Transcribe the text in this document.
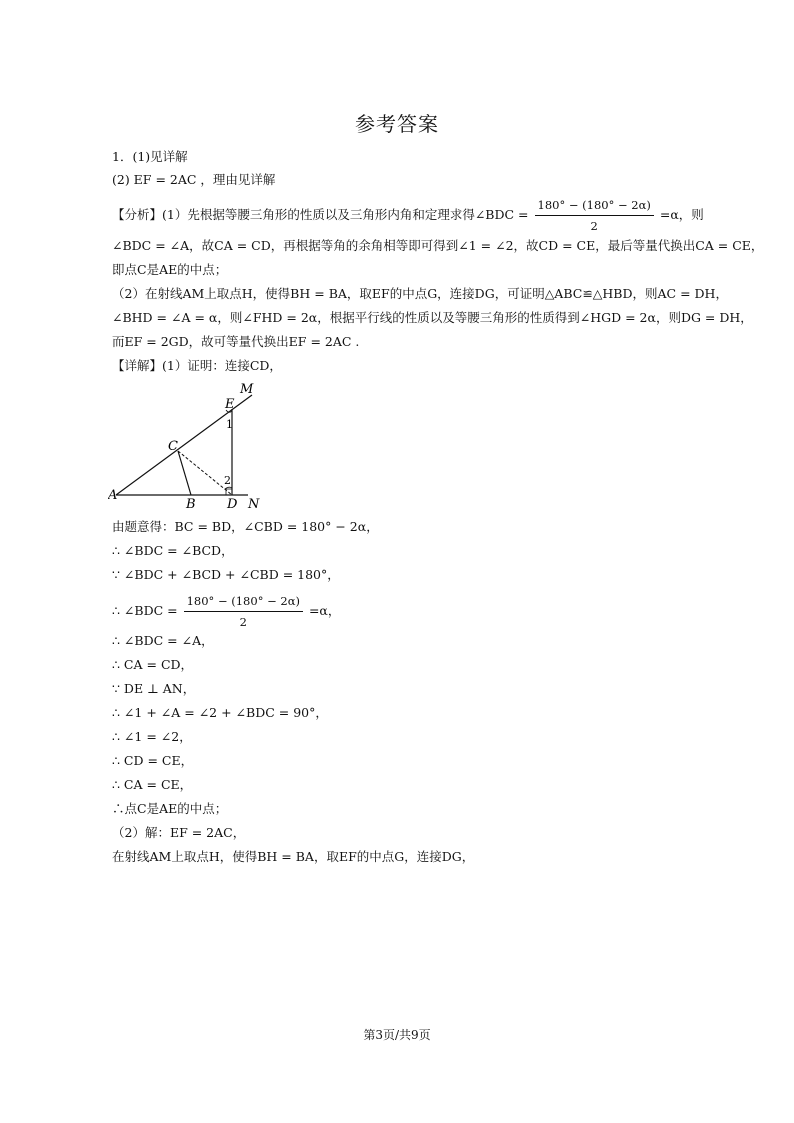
参考答案
1．(1)见详解
(2) EF = 2AC ，理由见详解
【分析】(1）先根据等腰三角形的性质以及三角形内角和定理求得∠BDC = $\frac{180^\circ - (180^\circ - 2\alpha)}{2} =\alpha$，则
∠BDC = ∠A，故CA = CD，再根据等角的余角相等即可得到∠1 = ∠2，故CD = CE，最后等量代换出CA = CE，
即点C是AE的中点；
（2）在射线AM上取点H，使得BH = BA，取EF的中点G，连接DG，可证明△ABC≌△HBD，则AC = DH，
∠BHD = ∠A = α，则∠FHD = 2α，根据平行线的性质以及等腰三角形的性质得到∠HGD = 2α，则DG = DH，
而EF = 2GD，故可等量代换出EF = 2AC .
【详解】(1）证明：连接CD，
M
E
1
C
2
A
B D N
由题意得：BC = BD，∠CBD = 180° − 2α，
∴ ∠BDC = ∠BCD，
∵ ∠BDC + ∠BCD + ∠CBD = 180°，
∴ ∠BDC = $\frac{180^\circ - (180^\circ - 2\alpha)}{2} =\alpha$，
∴ ∠BDC = ∠A，
∴ CA = CD，
∵ DE ⊥ AN，
∴ ∠1 + ∠A = ∠2 + ∠BDC = 90°，
∴ ∠1 = ∠2，
∴ CD = CE，
∴ CA = CE，
∴点C是AE的中点；
（2）解：EF = 2AC，
在射线AM上取点H，使得BH = BA，取EF的中点G，连接DG，
第3页/共9页
